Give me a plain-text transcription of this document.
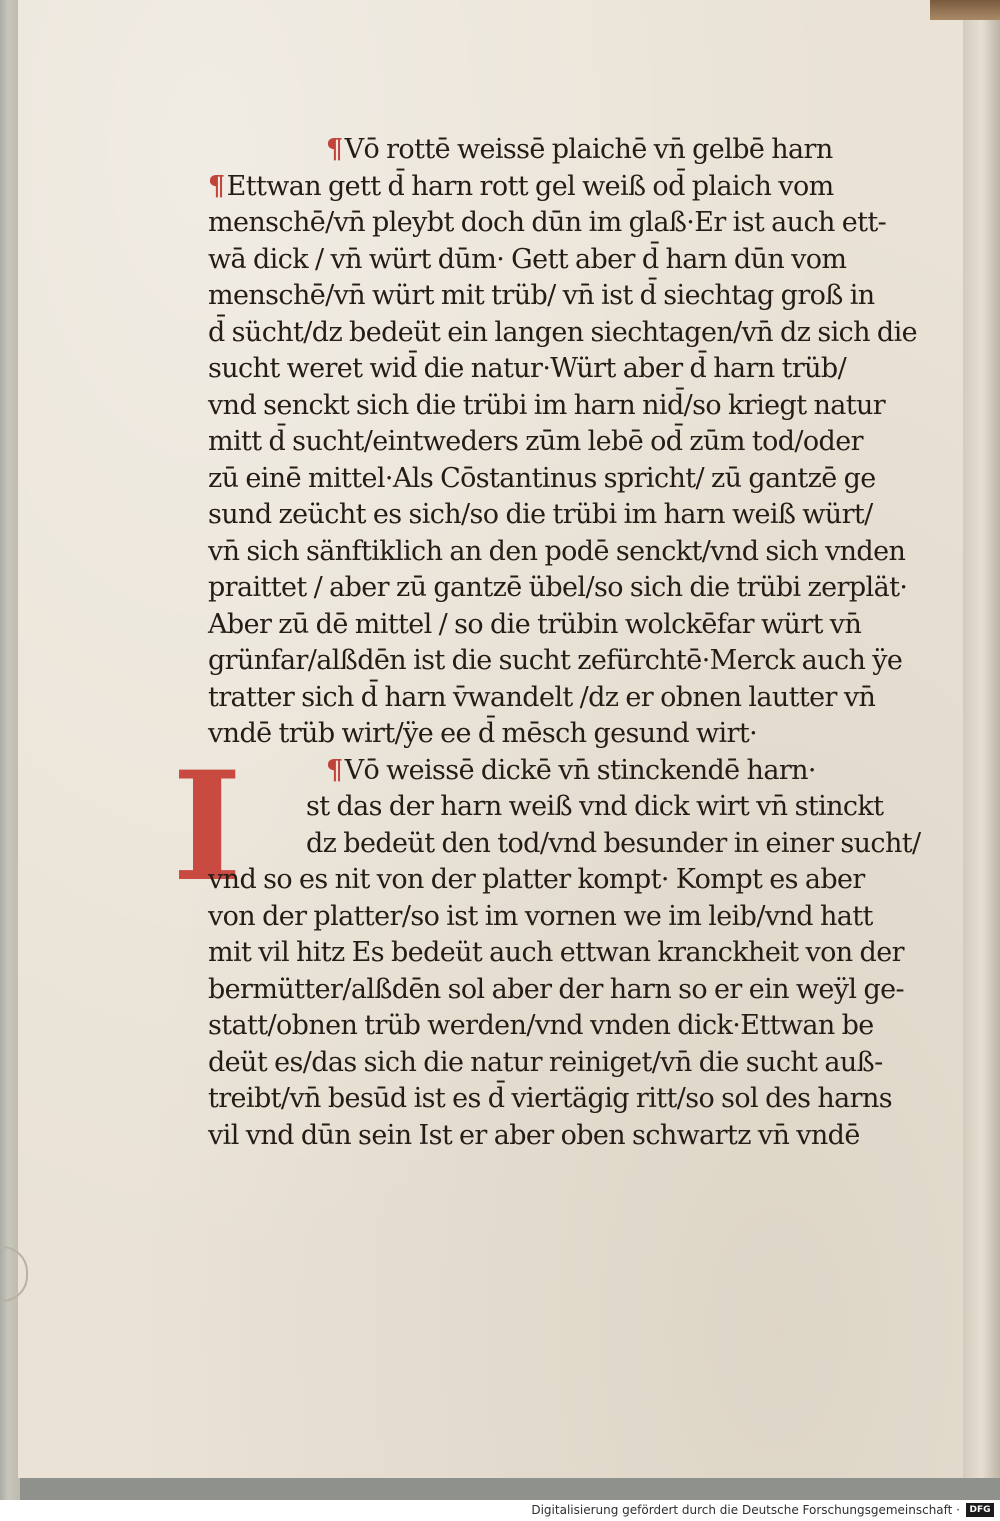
I
¶Vō rottē weissē plaichē vn̄ gelbē harn
¶Ettwan gett d̄ harn rott gel weiß od̄ plaich vom
menschē/vn̄ pleybt doch dūn im glaß·Er ist auch ett-
wā dick / vn̄ würt dūm· Gett aber d̄ harn dūn vom
menschē/vn̄ würt mit trüb/ vn̄ ist d̄ siechtag groß in
d̄ sücht/dz bedeüt ein langen siechtagen/vn̄ dz sich die
sucht weret wid̄ die natur·Würt aber d̄ harn trüb/
vnd senckt sich die trübi im harn nid̄/so kriegt natur
mitt d̄ sucht/eintweders zūm lebē od̄ zūm tod/oder
zū einē mittel·Als Cōstantinus spricht/ zū gantzē ge
sund zeücht es sich/so die trübi im harn weiß würt/
vn̄ sich sänftiklich an den podē senckt/vnd sich vnden
praittet / aber zū gantzē übel/so sich die trübi zerplät·
Aber zū dē mittel / so die trübin wolckēfar würt vn̄
grünfar/alßdēn ist die sucht zefürchtē·Merck auch ÿe
tratter sich d̄ harn v̄wandelt /dz er obnen lautter vn̄
vndē trüb wirt/ÿe ee d̄ mēsch gesund wirt·
¶Vō weissē dickē vn̄ stinckendē harn·
st das der harn weiß vnd dick wirt vn̄ stinckt
dz bedeüt den tod/vnd besunder in einer sucht/
vnd so es nit von der platter kompt· Kompt es aber
von der platter/so ist im vornen we im leib/vnd hatt
mit vil hitz Es bedeüt auch ettwan kranckheit von der
bermütter/alßdēn sol aber der harn so er ein weÿl ge-
statt/obnen trüb werden/vnd vnden dick·Ettwan be
deüt es/das sich die natur reiniget/vn̄ die sucht auß-
treibt/vn̄ besūd ist es d̄ viertägig ritt/so sol des harns
vil vnd dūn sein Ist er aber oben schwartz vn̄ vndē
Digitalisierung gefördert durch die Deutsche Forschungsgemeinschaft ·	DFG
